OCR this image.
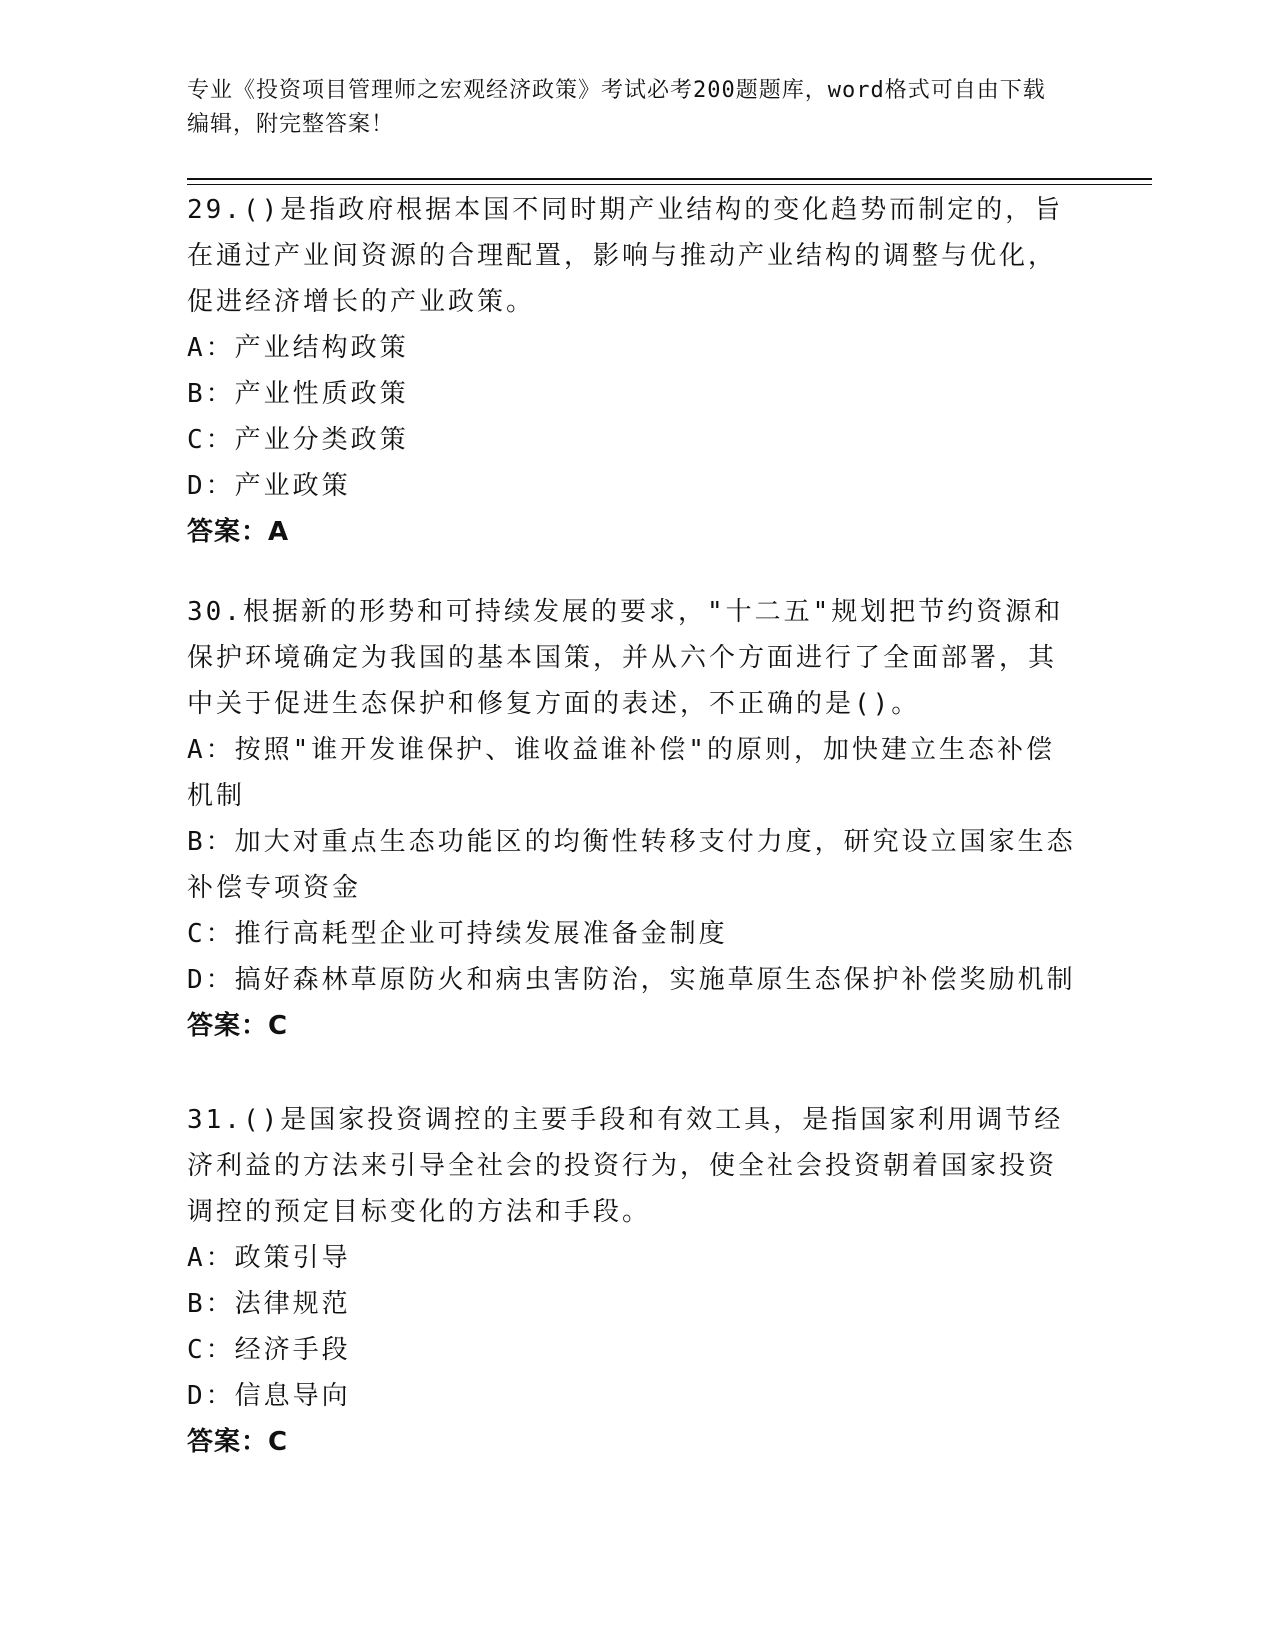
专业《投资项目管理师之宏观经济政策》考试必考200题题库，word格式可自由下载编辑，附完整答案！

29.()是指政府根据本国不同时期产业结构的变化趋势而制定的，旨在通过产业间资源的合理配置，影响与推动产业结构的调整与优化，促进经济增长的产业政策。

A：产业结构政策

B：产业性质政策

C：产业分类政策

D：产业政策

答案：A

30.根据新的形势和可持续发展的要求，"十二五"规划把节约资源和保护环境确定为我国的基本国策，并从六个方面进行了全面部署，其中关于促进生态保护和修复方面的表述，不正确的是()。

A：按照"谁开发谁保护、谁收益谁补偿"的原则，加快建立生态补偿机制

B：加大对重点生态功能区的均衡性转移支付力度，研究设立国家生态补偿专项资金

C：推行高耗型企业可持续发展准备金制度

D：搞好森林草原防火和病虫害防治，实施草原生态保护补偿奖励机制

答案：C

31.()是国家投资调控的主要手段和有效工具，是指国家利用调节经济利益的方法来引导全社会的投资行为，使全社会投资朝着国家投资调控的预定目标变化的方法和手段。

A：政策引导

B：法律规范

C：经济手段

D：信息导向

答案：C
